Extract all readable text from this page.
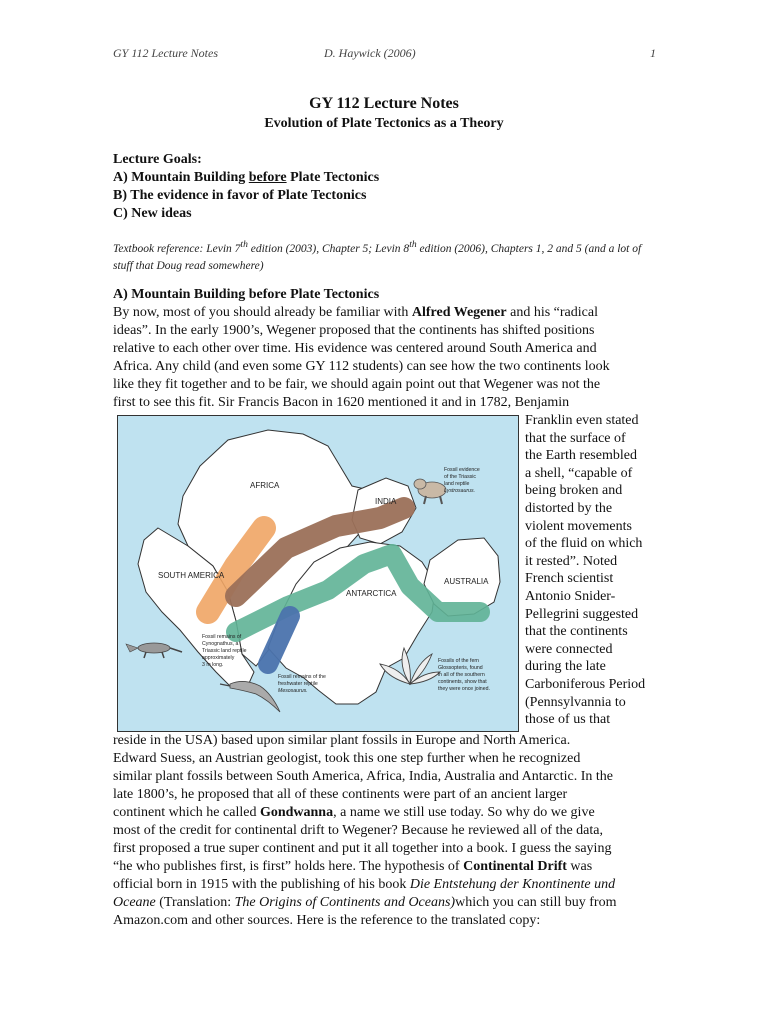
GY 112 Lecture Notes	D. Haywick (2006)	1
GY 112 Lecture Notes
Evolution of Plate Tectonics as a Theory
Lecture Goals:
A) Mountain Building before Plate Tectonics
B) The evidence in favor of Plate Tectonics
C) New ideas
Textbook reference: Levin 7th edition (2003), Chapter 5; Levin 8th edition (2006), Chapters 1, 2 and 5 (and a lot of stuff that Doug read somewhere)
A) Mountain Building before Plate Tectonics
By now, most of you should already be familiar with Alfred Wegener and his “radical
ideas”. In the early 1900’s, Wegener proposed that the continents has shifted positions
relative to each other over time. His evidence was centered around South America and
Africa. Any child (and even some GY 112 students) can see how the two continents look
like they fit together and to be fair, we should again point out that Wegener was not the
first to see this fit. Sir Francis Bacon in 1620 mentioned it and in 1782, Benjamin
Franklin even stated
that the surface of
the Earth resembled
a shell, “capable of
being broken and
distorted by the
violent movements
of the fluid on which
it rested”. Noted
French scientist
Antonio Snider-
Pellegrini suggested
that the continents
were connected
during the late
Carboniferous Period
(Pennsylvannia to
those of us that
AFRICA
SOUTH AMERICA
INDIA
ANTARCTICA
AUSTRALIA
Fossil evidence
of the Triassic
land reptile
Lystrosaurus.
Fossil remains of
Cynognathus, a
Triassic land reptile
approximately
3 m long.
Fossil remains of the
freshwater reptile
Mesosaurus.
Fossils of the fern
Glossopteris, found
in all of the southern
continents, show that
they were once joined.
reside in the USA) based upon similar plant fossils in Europe and North America.
Edward Suess, an Austrian geologist, took this one step further when he recognized
similar plant fossils between South America, Africa, India, Australia and Antarctic. In the
late 1800’s, he proposed that all of these continents were part of an ancient larger
continent which he called Gondwanna, a name we still use today. So why do we give
most of the credit for continental drift to Wegener? Because he reviewed all of the data,
first proposed a true super continent and put it all together into a book. I guess the saying
“he who publishes first, is first” holds here. The hypothesis of Continental Drift was
official born in 1915 with the publishing of his book Die Entstehung der Knontinente und
Oceane (Translation: The Origins of Continents and Oceans)which you can still buy from
Amazon.com and other sources. Here is the reference to the translated copy:
